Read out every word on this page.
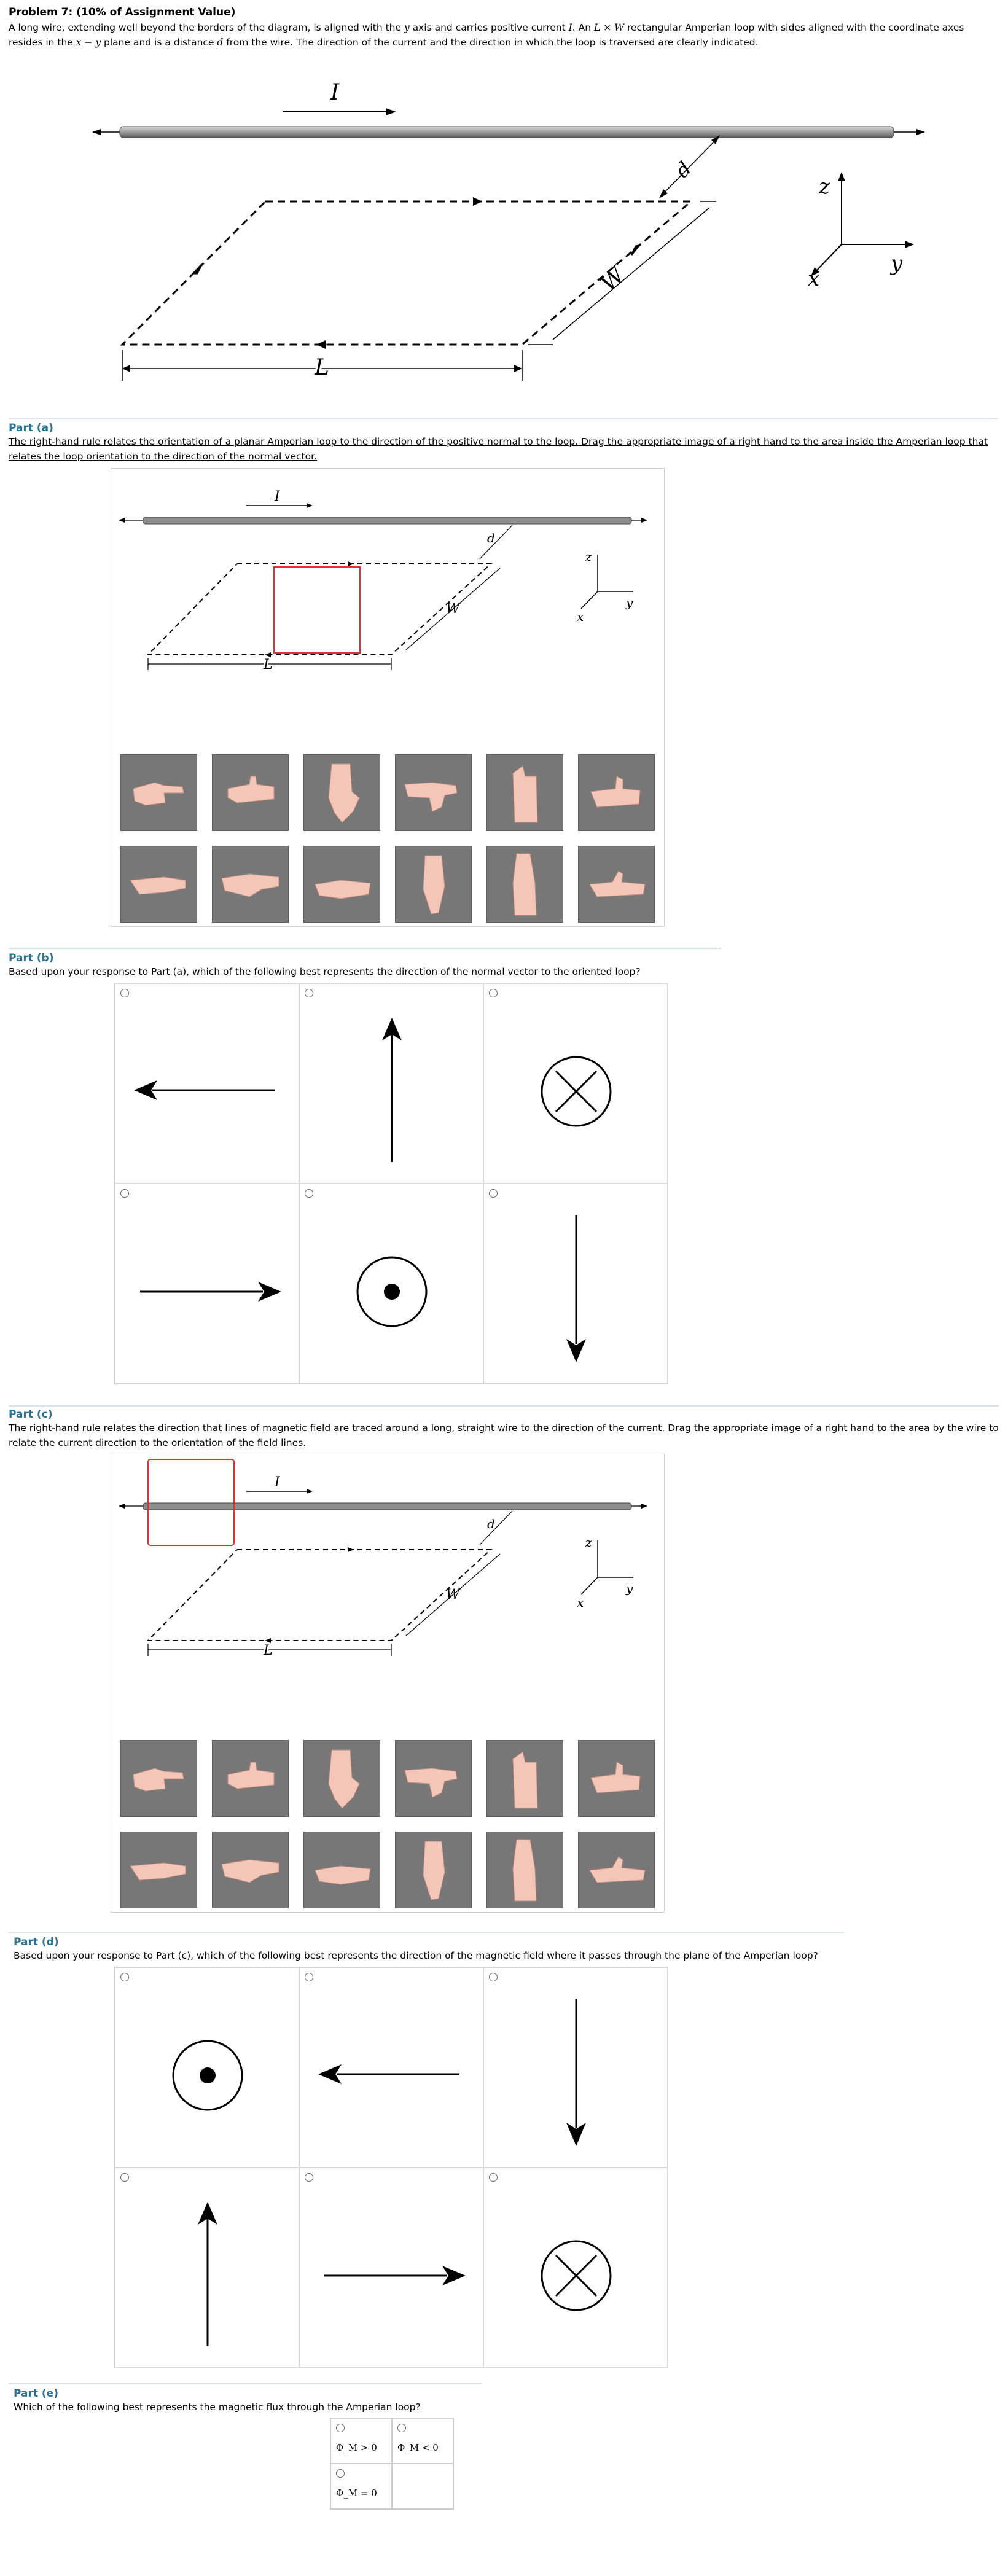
Problem 7: (10% of Assignment Value)
A long wire, extending well beyond the borders of the diagram, is aligned with the y axis and carries positive current I. An L × W rectangular Amperian loop with sides aligned with the coordinate axes resides in the x − y plane and is a distance d from the wire. The direction of the current and the direction in which the loop is traversed are clearly indicated.
I
d
W
L
z
y
x
Part (a)
The right-hand rule relates the orientation of a planar Amperian loop to the direction of the positive normal to the loop. Drag the appropriate image of a right hand to the area inside the Amperian loop that relates the loop orientation to the direction of the normal vector.
I
d
W
L
z
y
x
Part (b)
Based upon your response to Part (a), which of the following best represents the direction of the normal vector to the oriented loop?
Part (c)
The right-hand rule relates the direction that lines of magnetic field are traced around a long, straight wire to the direction of the current. Drag the appropriate image of a right hand to the area by the wire to relate the current direction to the orientation of the field lines.
I
d
W
L
z
y
x
Part (d)
Based upon your response to Part (c), which of the following best represents the direction of the magnetic field where it passes through the plane of the Amperian loop?
Part (e)
Which of the following best represents the magnetic flux through the Amperian loop?
Φ_M > 0 Φ_M < 0
Φ_M = 0
